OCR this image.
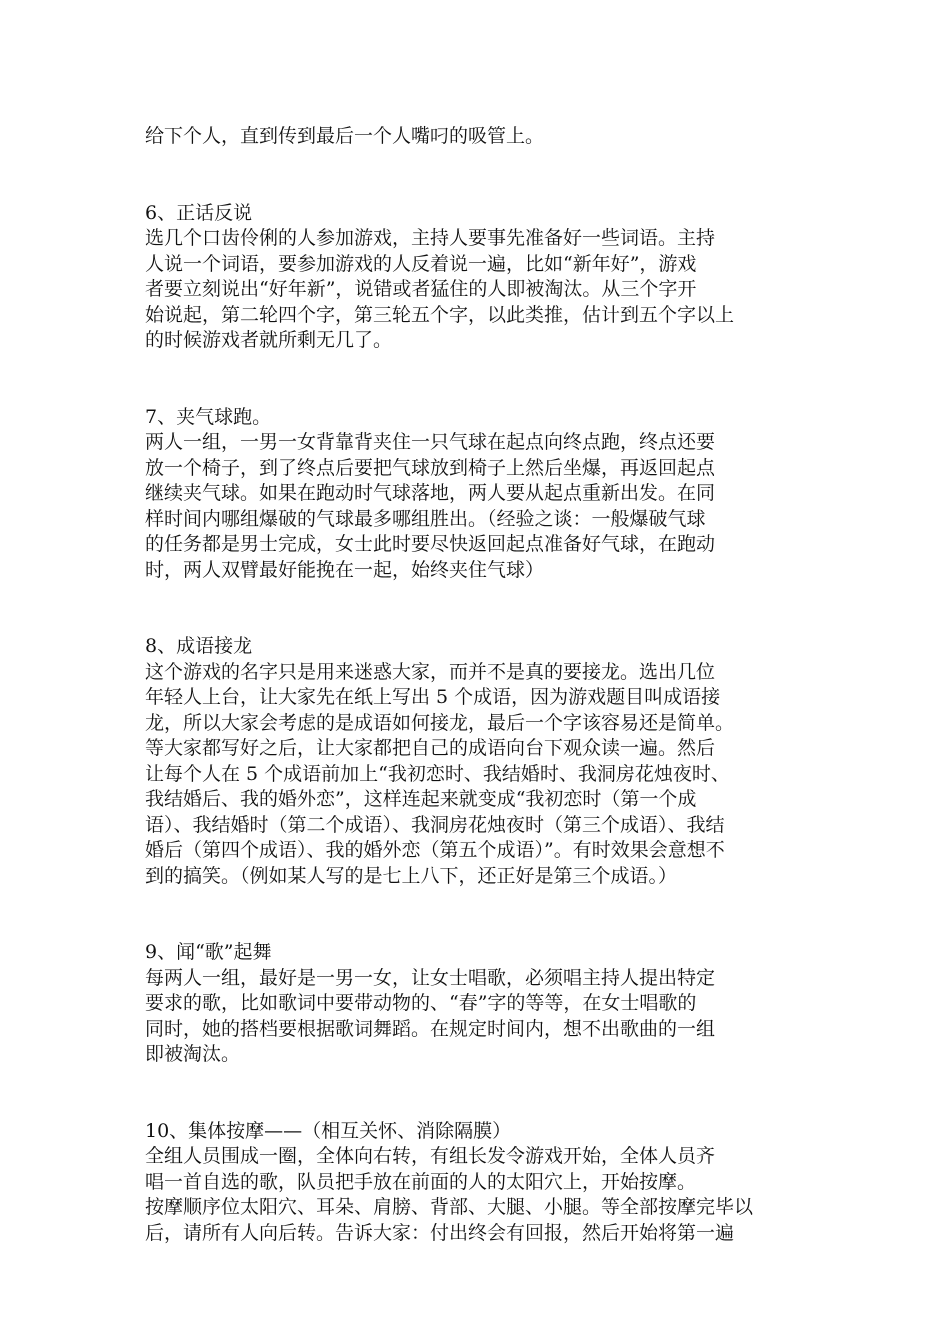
给下个人，直到传到最后一个人嘴叼的吸管上。

6、正话反说

选几个口齿伶俐的人参加游戏，主持人要事先准备好一些词语。主持
人说一个词语，要参加游戏的人反着说一遍，比如“新年好”，游戏
者要立刻说出“好年新”，说错或者猛住的人即被淘汰。从三个字开
始说起，第二轮四个字，第三轮五个字，以此类推，估计到五个字以上
的时候游戏者就所剩无几了。

7、夹气球跑。

两人一组，一男一女背靠背夹住一只气球在起点向终点跑，终点还要
放一个椅子，到了终点后要把气球放到椅子上然后坐爆，再返回起点
继续夹气球。如果在跑动时气球落地，两人要从起点重新出发。在同
样时间内哪组爆破的气球最多哪组胜出。（经验之谈：一般爆破气球
的任务都是男士完成，女士此时要尽快返回起点准备好气球，在跑动
时，两人双臂最好能挽在一起，始终夹住气球）

8、成语接龙

这个游戏的名字只是用来迷惑大家，而并不是真的要接龙。选出几位
年轻人上台，让大家先在纸上写出 5 个成语，因为游戏题目叫成语接
龙，所以大家会考虑的是成语如何接龙，最后一个字该容易还是简单。
等大家都写好之后，让大家都把自己的成语向台下观众读一遍。然后
让每个人在 5 个成语前加上“我初恋时、我结婚时、我洞房花烛夜时、
我结婚后、我的婚外恋”，这样连起来就变成“我初恋时（第一个成
语）、我结婚时（第二个成语）、我洞房花烛夜时（第三个成语）、我结
婚后（第四个成语）、我的婚外恋（第五个成语）”。有时效果会意想不
到的搞笑。（例如某人写的是七上八下，还正好是第三个成语。）

9、闻“歌”起舞

每两人一组，最好是一男一女，让女士唱歌，必须唱主持人提出特定
要求的歌，比如歌词中要带动物的、“春”字的等等，在女士唱歌的
同时，她的搭档要根据歌词舞蹈。在规定时间内，想不出歌曲的一组
即被淘汰。

10、集体按摩——（相互关怀、消除隔膜）

全组人员围成一圈，全体向右转，有组长发令游戏开始，全体人员齐
唱一首自选的歌，队员把手放在前面的人的太阳穴上，开始按摩。
按摩顺序位太阳穴、耳朵、肩膀、背部、大腿、小腿。等全部按摩完毕以
后，请所有人向后转。告诉大家：付出终会有回报，然后开始将第一遍
